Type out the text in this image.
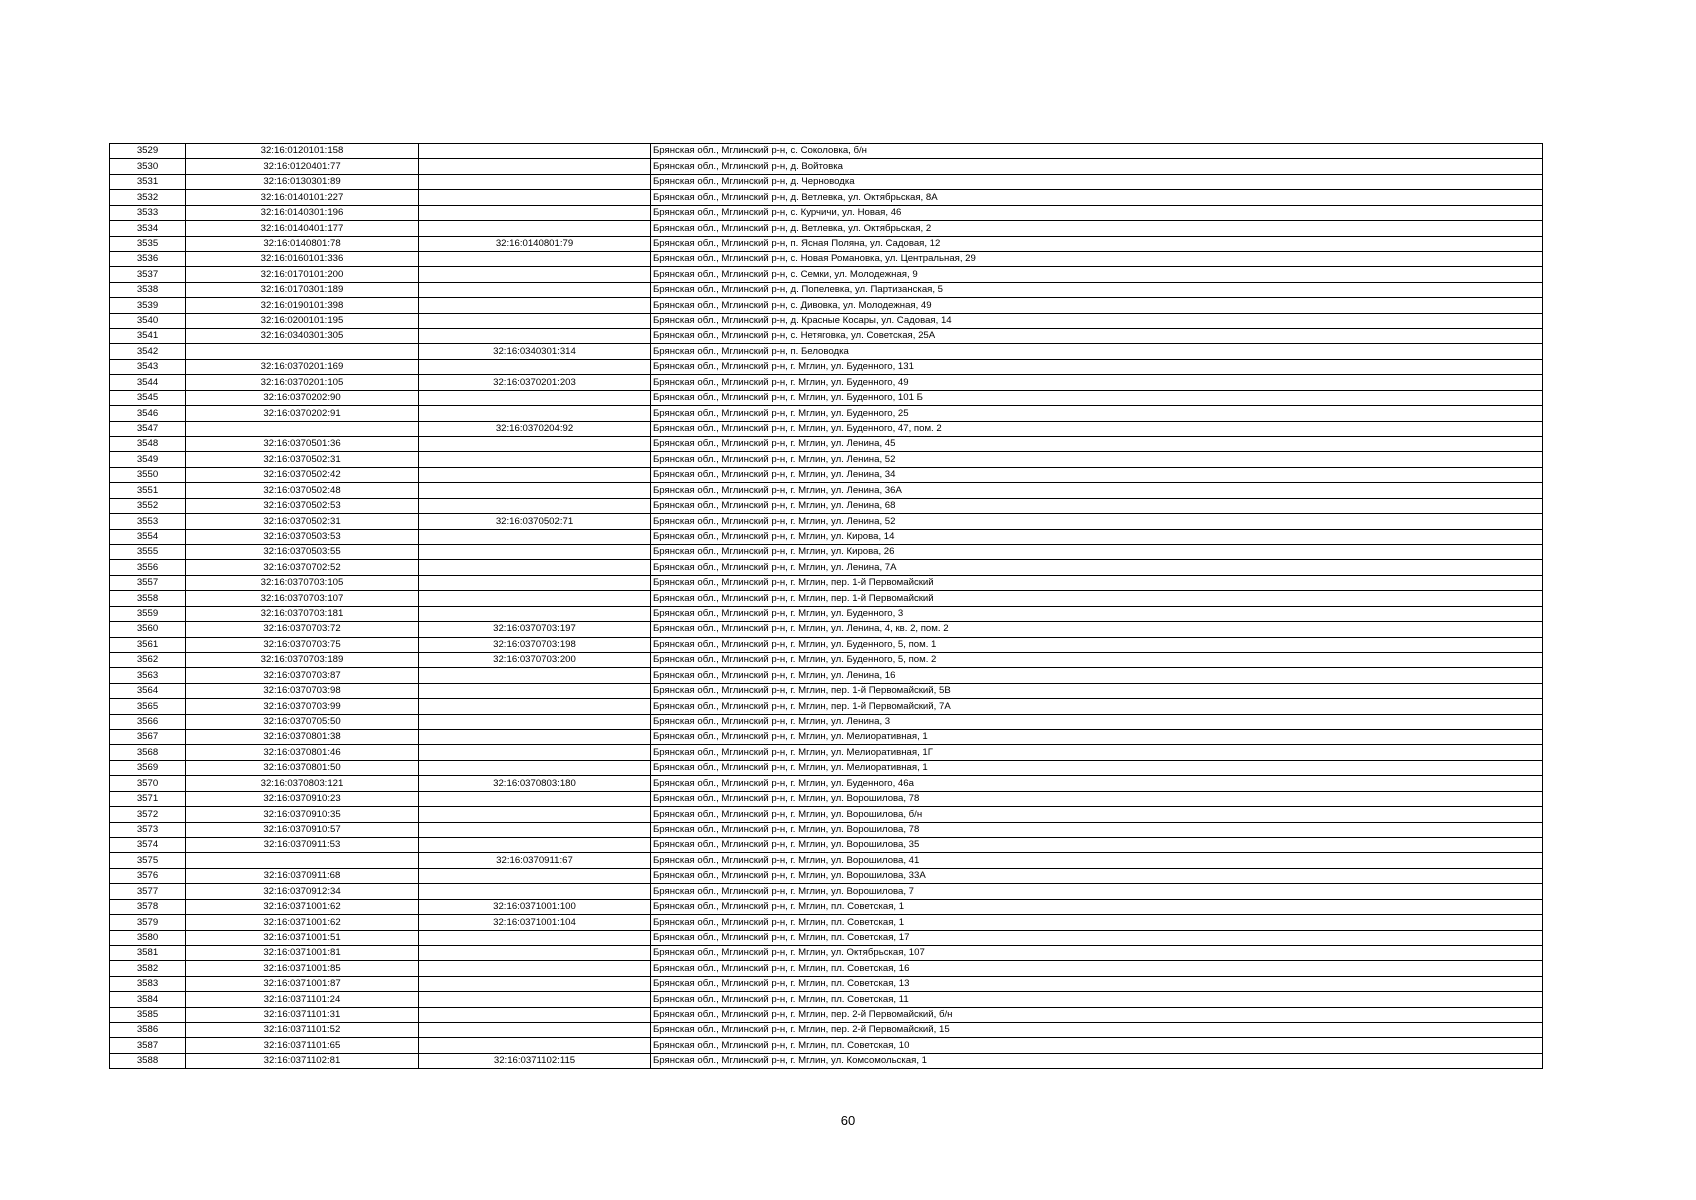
3529	32:16:0120101:158		Брянская обл., Мглинский р-н, с. Соколовка, б/н
3530	32:16:0120401:77		Брянская обл., Мглинский р-н, д. Войтовка
3531	32:16:0130301:89		Брянская обл., Мглинский р-н, д. Черноводка
3532	32:16:0140101:227		Брянская обл., Мглинский р-н, д. Ветлевка, ул. Октябрьская, 8А
3533	32:16:0140301:196		Брянская обл., Мглинский р-н, с. Курчичи, ул. Новая, 46
3534	32:16:0140401:177		Брянская обл., Мглинский р-н, д. Ветлевка, ул. Октябрьская, 2
3535	32:16:0140801:78	32:16:0140801:79	Брянская обл., Мглинский р-н, п. Ясная Поляна, ул. Садовая, 12
3536	32:16:0160101:336		Брянская обл., Мглинский р-н, с. Новая Романовка, ул. Центральная, 29
3537	32:16:0170101:200		Брянская обл., Мглинский р-н, с. Семки, ул. Молодежная, 9
3538	32:16:0170301:189		Брянская обл., Мглинский р-н, д. Попелевка, ул. Партизанская, 5
3539	32:16:0190101:398		Брянская обл., Мглинский р-н, с. Дивовка, ул. Молодежная, 49
3540	32:16:0200101:195		Брянская обл., Мглинский р-н, д. Красные Косары, ул. Садовая, 14
3541	32:16:0340301:305		Брянская обл., Мглинский р-н, с. Нетяговка, ул. Советская, 25А
3542		32:16:0340301:314	Брянская обл., Мглинский р-н, п. Беловодка
3543	32:16:0370201:169		Брянская обл., Мглинский р-н, г. Мглин, ул. Буденного, 131
3544	32:16:0370201:105	32:16:0370201:203	Брянская обл., Мглинский р-н, г. Мглин, ул. Буденного, 49
3545	32:16:0370202:90		Брянская обл., Мглинский р-н, г. Мглин, ул. Буденного, 101 Б
3546	32:16:0370202:91		Брянская обл., Мглинский р-н, г. Мглин, ул. Буденного, 25
3547		32:16:0370204:92	Брянская обл., Мглинский р-н, г. Мглин, ул. Буденного, 47, пом. 2
3548	32:16:0370501:36		Брянская обл., Мглинский р-н, г. Мглин, ул. Ленина, 45
3549	32:16:0370502:31		Брянская обл., Мглинский р-н, г. Мглин, ул. Ленина, 52
3550	32:16:0370502:42		Брянская обл., Мглинский р-н, г. Мглин, ул. Ленина, 34
3551	32:16:0370502:48		Брянская обл., Мглинский р-н, г. Мглин, ул. Ленина, 36А
3552	32:16:0370502:53		Брянская обл., Мглинский р-н, г. Мглин, ул. Ленина, 68
3553	32:16:0370502:31	32:16:0370502:71	Брянская обл., Мглинский р-н, г. Мглин, ул. Ленина, 52
3554	32:16:0370503:53		Брянская обл., Мглинский р-н, г. Мглин, ул. Кирова, 14
3555	32:16:0370503:55		Брянская обл., Мглинский р-н, г. Мглин, ул. Кирова, 26
3556	32:16:0370702:52		Брянская обл., Мглинский р-н, г. Мглин, ул. Ленина, 7А
3557	32:16:0370703:105		Брянская обл., Мглинский р-н, г. Мглин, пер. 1-й Первомайский
3558	32:16:0370703:107		Брянская обл., Мглинский р-н, г. Мглин, пер. 1-й Первомайский
3559	32:16:0370703:181		Брянская обл., Мглинский р-н, г. Мглин, ул. Буденного, 3
3560	32:16:0370703:72	32:16:0370703:197	Брянская обл., Мглинский р-н, г. Мглин, ул. Ленина, 4, кв. 2, пом. 2
3561	32:16:0370703:75	32:16:0370703:198	Брянская обл., Мглинский р-н, г. Мглин, ул. Буденного, 5, пом. 1
3562	32:16:0370703:189	32:16:0370703:200	Брянская обл., Мглинский р-н, г. Мглин, ул. Буденного, 5, пом. 2
3563	32:16:0370703:87		Брянская обл., Мглинский р-н, г. Мглин, ул. Ленина, 16
3564	32:16:0370703:98		Брянская обл., Мглинский р-н, г. Мглин, пер. 1-й Первомайский, 5В
3565	32:16:0370703:99		Брянская обл., Мглинский р-н, г. Мглин, пер. 1-й Первомайский, 7А
3566	32:16:0370705:50		Брянская обл., Мглинский р-н, г. Мглин, ул. Ленина, 3
3567	32:16:0370801:38		Брянская обл., Мглинский р-н, г. Мглин, ул. Мелиоративная, 1
3568	32:16:0370801:46		Брянская обл., Мглинский р-н, г. Мглин, ул. Мелиоративная, 1Г
3569	32:16:0370801:50		Брянская обл., Мглинский р-н, г. Мглин, ул. Мелиоративная, 1
3570	32:16:0370803:121	32:16:0370803:180	Брянская обл., Мглинский р-н, г. Мглин, ул. Буденного, 46а
3571	32:16:0370910:23		Брянская обл., Мглинский р-н, г. Мглин, ул. Ворошилова, 78
3572	32:16:0370910:35		Брянская обл., Мглинский р-н, г. Мглин, ул. Ворошилова, б/н
3573	32:16:0370910:57		Брянская обл., Мглинский р-н, г. Мглин, ул. Ворошилова, 78
3574	32:16:0370911:53		Брянская обл., Мглинский р-н, г. Мглин, ул. Ворошилова, 35
3575		32:16:0370911:67	Брянская обл., Мглинский р-н, г. Мглин, ул. Ворошилова, 41
3576	32:16:0370911:68		Брянская обл., Мглинский р-н, г. Мглин, ул. Ворошилова, 33А
3577	32:16:0370912:34		Брянская обл., Мглинский р-н, г. Мглин, ул. Ворошилова, 7
3578	32:16:0371001:62	32:16:0371001:100	Брянская обл., Мглинский р-н, г. Мглин, пл. Советская, 1
3579	32:16:0371001:62	32:16:0371001:104	Брянская обл., Мглинский р-н, г. Мглин, пл. Советская, 1
3580	32:16:0371001:51		Брянская обл., Мглинский р-н, г. Мглин, пл. Советская, 17
3581	32:16:0371001:81		Брянская обл., Мглинский р-н, г. Мглин, ул. Октябрьская, 107
3582	32:16:0371001:85		Брянская обл., Мглинский р-н, г. Мглин, пл. Советская, 16
3583	32:16:0371001:87		Брянская обл., Мглинский р-н, г. Мглин, пл. Советская, 13
3584	32:16:0371101:24		Брянская обл., Мглинский р-н, г. Мглин, пл. Советская, 11
3585	32:16:0371101:31		Брянская обл., Мглинский р-н, г. Мглин, пер. 2-й Первомайский, б/н
3586	32:16:0371101:52		Брянская обл., Мглинский р-н, г. Мглин, пер. 2-й Первомайский, 15
3587	32:16:0371101:65		Брянская обл., Мглинский р-н, г. Мглин, пл. Советская, 10
3588	32:16:0371102:81	32:16:0371102:115	Брянская обл., Мглинский р-н, г. Мглин, ул. Комсомольская, 1
60
